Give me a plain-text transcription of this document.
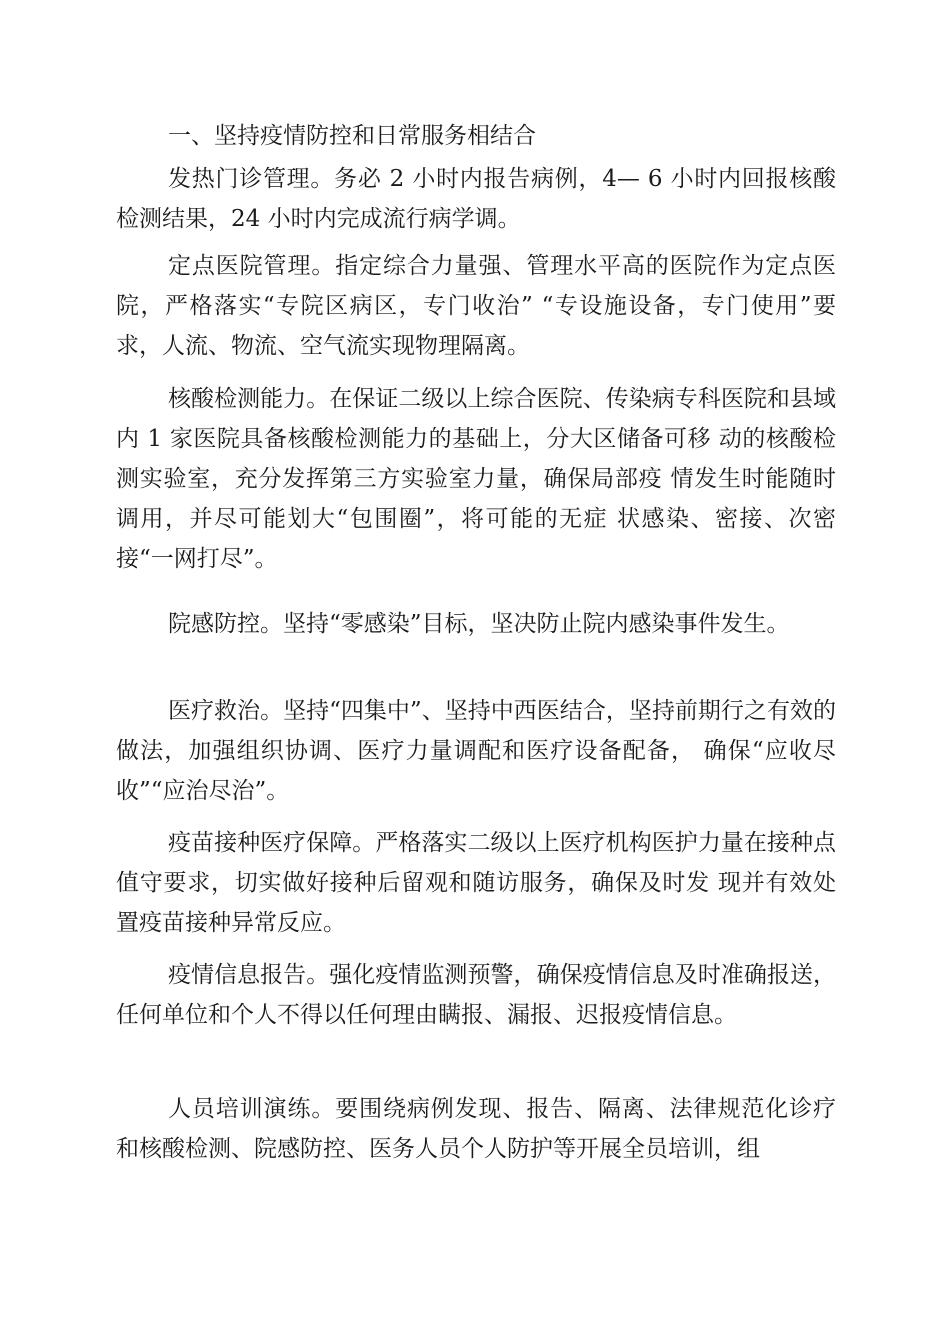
一、坚持疫情防控和日常服务相结合

发热门诊管理。务必 2 小时内报告病例，4— 6 小时内回报核酸检测结果，24 小时内完成流行病学调。

定点医院管理。指定综合力量强、管理水平高的医院作为定点医院，严格落实“专院区病区，专门收治” “专设施设备，专门使用”要求，人流、物流、空气流实现物理隔离。

核酸检测能力。在保证二级以上综合医院、传染病专科医院和县域内 1 家医院具备核酸检测能力的基础上，分大区储备可移 动的核酸检测实验室，充分发挥第三方实验室力量，确保局部疫 情发生时能随时调用，并尽可能划大“包围圈”，将可能的无症 状感染、密接、次密接“一网打尽”。

院感防控。坚持“零感染”目标，坚决防止院内感染事件发生。

医疗救治。坚持“四集中”、坚持中西医结合，坚持前期行之有效的做法，加强组织协调、医疗力量调配和医疗设备配备， 确保“应收尽收”“应治尽治”。

疫苗接种医疗保障。严格落实二级以上医疗机构医护力量在接种点值守要求，切实做好接种后留观和随访服务，确保及时发 现并有效处置疫苗接种异常反应。

疫情信息报告。强化疫情监测预警，确保疫情信息及时准确报送，任何单位和个人不得以任何理由瞒报、漏报、迟报疫情信息。

人员培训演练。要围绕病例发现、报告、隔离、法律规范化诊疗 和核酸检测、院感防控、医务人员个人防护等开展全员培训，组
